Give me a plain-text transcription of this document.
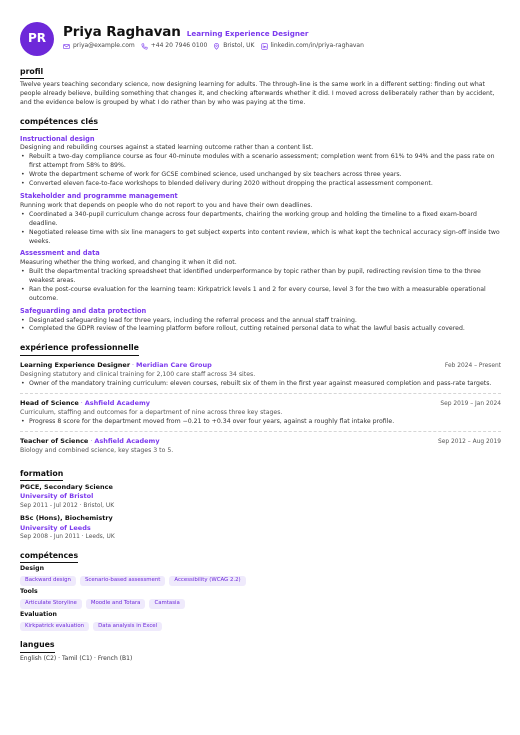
PR	Priya Raghavan Learning Experience Designer
priya@example.com	+44 20 7946 0100	Bristol, UK	linkedin.com/in/priya-raghavan
profil
Twelve years teaching secondary science, now designing learning for adults. The through-line is the same work in a different setting: finding out what people already believe, building something that changes it, and checking afterwards whether it did. I moved across deliberately rather than by accident, and the evidence below is grouped by what I do rather than by who was paying at the time.
compétences clés
Instructional design
Designing and rebuilding courses against a stated learning outcome rather than a content list.
• Rebuilt a two-day compliance course as four 40-minute modules with a scenario assessment; completion went from 61% to 94% and the pass rate on first attempt from 58% to 89%.
• Wrote the department scheme of work for GCSE combined science, used unchanged by six teachers across three years.
• Converted eleven face-to-face workshops to blended delivery during 2020 without dropping the practical assessment component.
Stakeholder and programme management
Running work that depends on people who do not report to you and have their own deadlines.
• Coordinated a 340-pupil curriculum change across four departments, chairing the working group and holding the timeline to a fixed exam-board deadline.
• Negotiated release time with six line managers to get subject experts into content review, which is what kept the technical accuracy sign-off inside two weeks.
Assessment and data
Measuring whether the thing worked, and changing it when it did not.
• Built the departmental tracking spreadsheet that identified underperformance by topic rather than by pupil, redirecting revision time to the three weakest areas.
• Ran the post-course evaluation for the learning team: Kirkpatrick levels 1 and 2 for every course, level 3 for the two with a measurable operational outcome.
Safeguarding and data protection
• Designated safeguarding lead for three years, including the referral process and the annual staff training.
• Completed the GDPR review of the learning platform before rollout, cutting retained personal data to what the lawful basis actually covered.
expérience professionnelle
Learning Experience Designer · Meridian Care Group	Feb 2024 – Present
Designing statutory and clinical training for 2,100 care staff across 34 sites.
• Owner of the mandatory training curriculum: eleven courses, rebuilt six of them in the first year against measured completion and pass-rate targets.
Head of Science · Ashfield Academy	Sep 2019 – Jan 2024
Curriculum, staffing and outcomes for a department of nine across three key stages.
• Progress 8 score for the department moved from −0.21 to +0.34 over four years, against a roughly flat intake profile.
Teacher of Science · Ashfield Academy	Sep 2012 – Aug 2019
Biology and combined science, key stages 3 to 5.
formation
PGCE, Secondary Science
University of Bristol
Sep 2011 - Jul 2012 · Bristol, UK
BSc (Hons), Biochemistry
University of Leeds
Sep 2008 - Jun 2011 · Leeds, UK
compétences
Design
Backward design	Scenario-based assessment	Accessibility (WCAG 2.2)
Tools
Articulate Storyline	Moodle and Totara	Camtasia
Evaluation
Kirkpatrick evaluation	Data analysis in Excel
langues
English (C2) · Tamil (C1) · French (B1)
